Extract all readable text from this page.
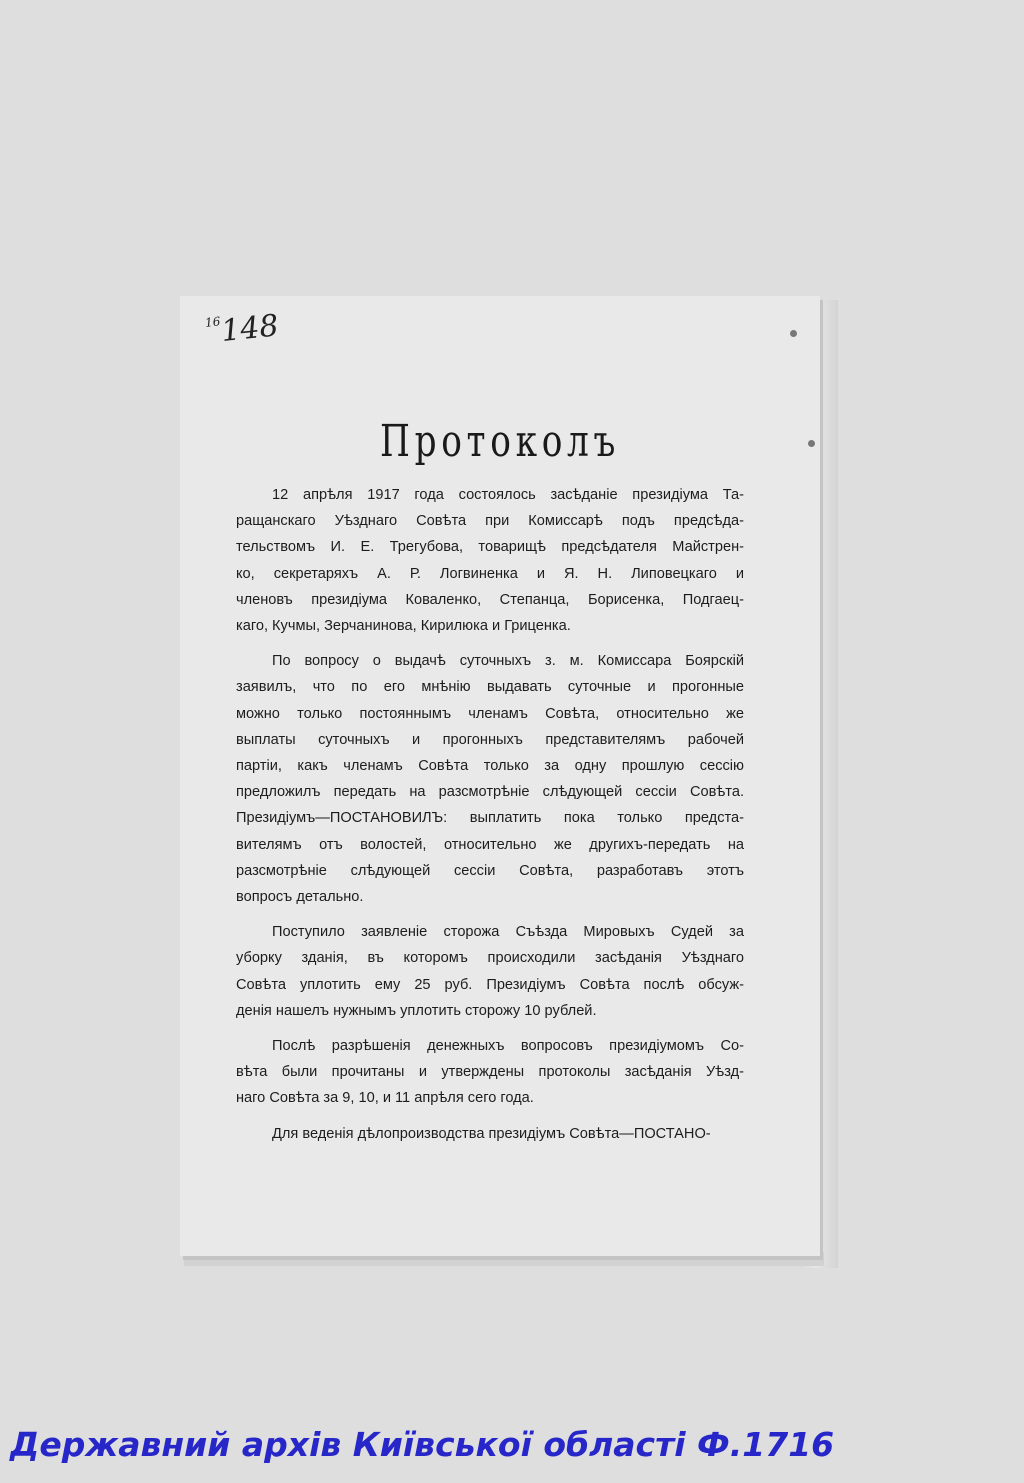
$^{16}$148
Протоколъ
12 апрѣля 1917 года состоялось засѣданіе президіума Та-
ращанскаго Уѣзднаго Совѣта при Комиссарѣ подъ предсѣда-
тельствомъ И. Е. Трегубова, товарищѣ предсѣдателя Майстрен-
ко, секретаряхъ А. Р. Логвиненка и Я. Н. Липовецкаго и
членовъ президіума Коваленко, Степанца, Борисенка, Подгаец-
каго, Кучмы, Зерчанинова, Кирилюка и Гриценка.
По вопросу о выдачѣ суточныхъ з. м. Комиссара Боярскій
заявилъ, что по его мнѣнію выдавать суточные и прогонные
можно только постояннымъ членамъ Совѣта, относительно же
выплаты суточныхъ и прогонныхъ представителямъ рабочей
партіи, какъ членамъ Совѣта только за одну прошлую сессію
предложилъ передать на разсмотрѣніе слѣдующей сессіи Совѣта.
Президіумъ—ПОСТАНОВИЛЪ: выплатить пока только предста-
вителямъ отъ волостей, относительно же другихъ-передать на
разсмотрѣніе слѣдующей сессіи Совѣта, разработавъ этотъ
вопросъ детально.
Поступило заявленіе сторожа Съѣзда Мировыхъ Судей за
уборку зданія, въ которомъ происходили засѣданія Уѣзднаго
Совѣта уплотить ему 25 руб. Президіумъ Совѣта послѣ обсуж-
денія нашелъ нужнымъ уплотить сторожу 10 рублей.
Послѣ разрѣшенія денежныхъ вопросовъ президіумомъ Со-
вѣта были прочитаны и утверждены протоколы засѣданія Уѣзд-
наго Совѣта за 9, 10, и 11 апрѣля сего года.
Для веденія дѣлопроизводства президіумъ Совѣта—ПОСТАНО-
Державний архів Київської області Ф.1716
